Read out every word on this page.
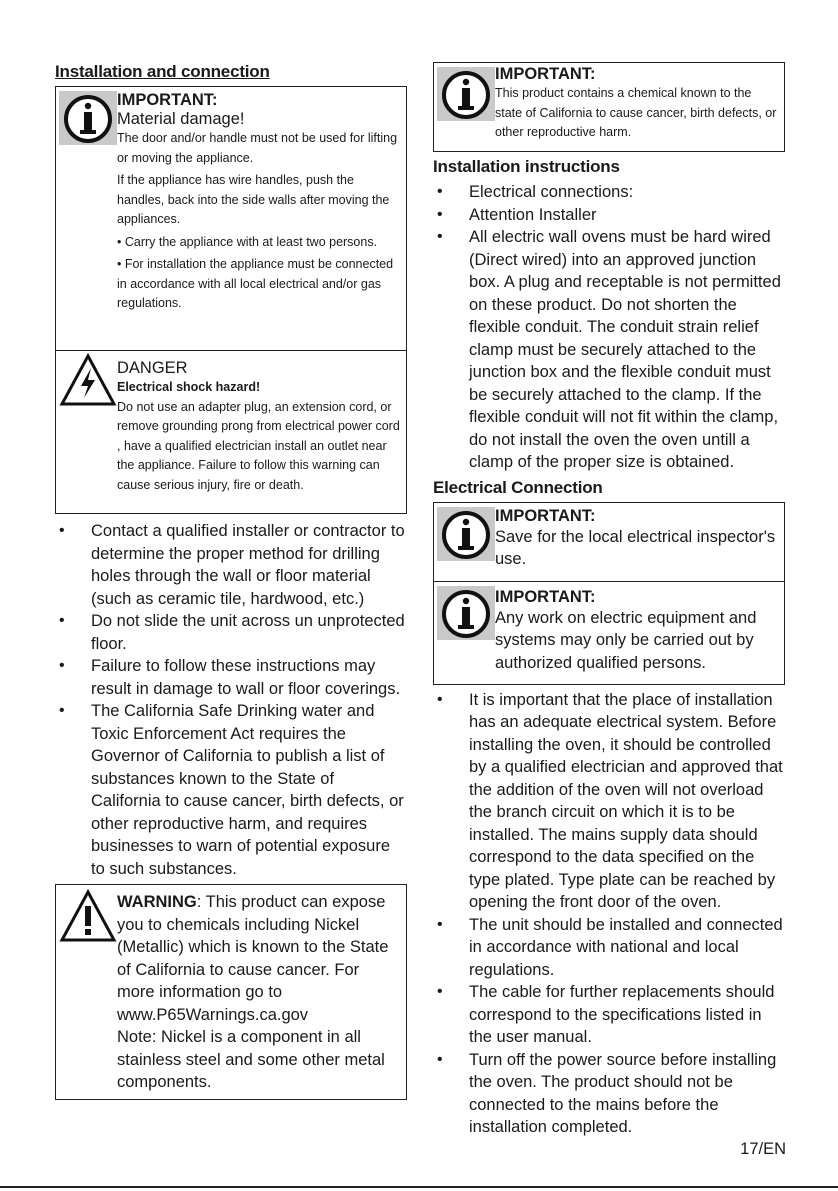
Installation and connection
IMPORTANT:
Material damage!

The door and/or handle must not be used for lifting or moving the appliance.

If the appliance has wire handles, push the handles, back into the side walls after moving the appliances.

• Carry the appliance with at least two persons.

• For installation the appliance must be connected in accordance with all local electrical and/or gas regulations.

DANGER
Electrical shock hazard!

Do not use an adapter plug, an extension cord, or remove grounding prong from electrical power cord , have a qualified electrician install an outlet near the appliance. Failure to follow this warning can cause serious injury, fire or death.

• Contact a qualified installer or contractor to determine the proper method for drilling holes through the wall or floor material (such as ceramic tile, hardwood, etc.)
• Do not slide the unit across un unprotected floor.
• Failure to follow these instructions may result in damage to wall or floor coverings.
• The California Safe Drinking water and Toxic Enforcement Act requires the Governor of California to publish a list of substances known to the State of California to cause cancer, birth defects, or other reproductive harm, and requires businesses to warn of potential exposure to such substances.

WARNING: This product can expose you to chemicals including Nickel (Metallic) which is known to the State of California to cause cancer. For more information go to

www.P65Warnings.ca.gov

Note: Nickel is a component in all stainless steel and some other metal components.

IMPORTANT:

This product contains a chemical known to the state of California to cause cancer, birth defects, or other reproductive harm.

Installation instructions
• Electrical connections:
• Attention Installer
• All electric wall ovens must be hard wired (Direct wired) into an approved junction box. A plug and receptable is not permitted on these product. Do not shorten the flexible conduit. The conduit strain relief clamp must be securely attached to the junction box and the flexible conduit must be securely attached to the clamp. If the flexible conduit will not fit within the clamp, do not install the oven the oven untill a clamp of the proper size is obtained.
Electrical Connection
IMPORTANT:

Save for the local electrical inspector's use.

IMPORTANT:

Any work on electric equipment and systems may only be carried out by authorized qualified persons.

• It is important that the place of installation has an adequate electrical system. Before installing the oven, it should be controlled by a qualified electrician and approved that the addition of the oven will not overload the branch circuit on which it is to be installed. The mains supply data should correspond to the data specified on the type plated. Type plate can be reached by opening the front door of the oven.
• The unit should be installed and connected in accordance with national and local regulations.
• The cable for further replacements should correspond to the specifications listed in the user manual.
• Turn off the power source before installing the oven. The product should not be connected to the mains before the installation completed.
17/EN
